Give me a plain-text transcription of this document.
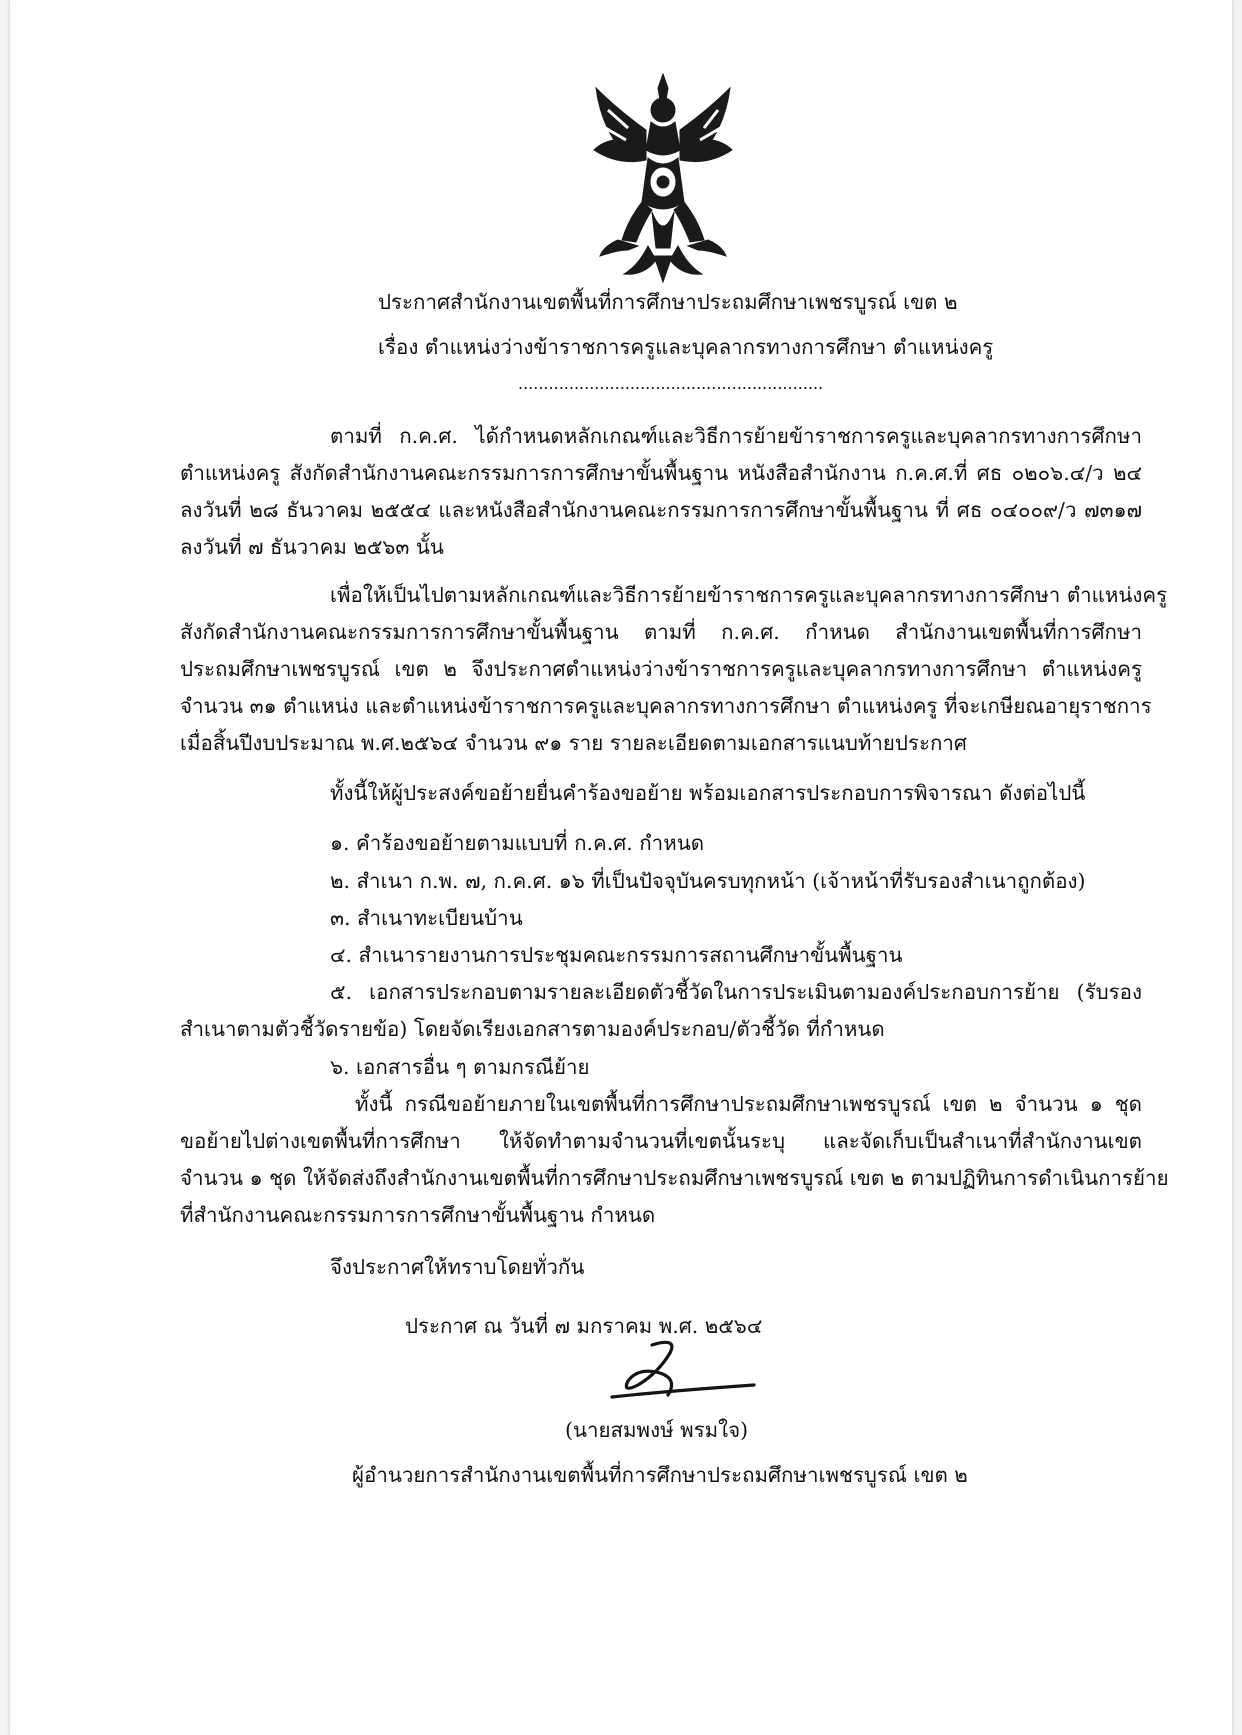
ประกาศสำนักงานเขตพื้นที่การศึกษาประถมศึกษาเพชรบูรณ์ เขต ๒
เรื่อง ตำแหน่งว่างข้าราชการครูและบุคลากรทางการศึกษา ตำแหน่งครู
............................................................
ตามที่ ก.ค.ศ. ได้กำหนดหลักเกณฑ์และวิธีการย้ายข้าราชการครูและบุคลากรทางการศึกษา
ตำแหน่งครู สังกัดสำนักงานคณะกรรมการการศึกษาขั้นพื้นฐาน หนังสือสำนักงาน ก.ค.ศ.ที่ ศธ ๐๒๐๖.๔/ว ๒๔
ลงวันที่ ๒๘ ธันวาคม ๒๕๕๔ และหนังสือสำนักงานคณะกรรมการการศึกษาขั้นพื้นฐาน ที่ ศธ ๐๔๐๐๙/ว ๗๓๑๗
ลงวันที่ ๗ ธันวาคม ๒๕๖๓ นั้น
เพื่อให้เป็นไปตามหลักเกณฑ์และวิธีการย้ายข้าราชการครูและบุคลากรทางการศึกษา ตำแหน่งครู
สังกัดสำนักงานคณะกรรมการการศึกษาขั้นพื้นฐาน ตามที่ ก.ค.ศ. กำหนด สำนักงานเขตพื้นที่การศึกษา
ประถมศึกษาเพชรบูรณ์ เขต ๒ จึงประกาศตำแหน่งว่างข้าราชการครูและบุคลากรทางการศึกษา ตำแหน่งครู
จำนวน ๓๑ ตำแหน่ง และตำแหน่งข้าราชการครูและบุคลากรทางการศึกษา ตำแหน่งครู ที่จะเกษียณอายุราชการ
เมื่อสิ้นปีงบประมาณ พ.ศ.๒๕๖๔ จำนวน ๙๑ ราย รายละเอียดตามเอกสารแนบท้ายประกาศ
ทั้งนี้ให้ผู้ประสงค์ขอย้ายยื่นคำร้องขอย้าย พร้อมเอกสารประกอบการพิจารณา ดังต่อไปนี้
๑. คำร้องขอย้ายตามแบบที่ ก.ค.ศ. กำหนด
๒. สำเนา ก.พ. ๗, ก.ค.ศ. ๑๖ ที่เป็นปัจจุบันครบทุกหน้า (เจ้าหน้าที่รับรองสำเนาถูกต้อง)
๓. สำเนาทะเบียนบ้าน
๔. สำเนารายงานการประชุมคณะกรรมการสถานศึกษาขั้นพื้นฐาน
๕. เอกสารประกอบตามรายละเอียดตัวชี้วัดในการประเมินตามองค์ประกอบการย้าย (รับรอง
สำเนาตามตัวชี้วัดรายข้อ) โดยจัดเรียงเอกสารตามองค์ประกอบ/ตัวชี้วัด ที่กำหนด
๖. เอกสารอื่น ๆ ตามกรณีย้าย
ทั้งนี้ กรณีขอย้ายภายในเขตพื้นที่การศึกษาประถมศึกษาเพชรบูรณ์ เขต ๒ จำนวน ๑ ชุด
ขอย้ายไปต่างเขตพื้นที่การศึกษา ให้จัดทำตามจำนวนที่เขตนั้นระบุ และจัดเก็บเป็นสำเนาที่สำนักงานเขต
จำนวน ๑ ชุด ให้จัดส่งถึงสำนักงานเขตพื้นที่การศึกษาประถมศึกษาเพชรบูรณ์ เขต ๒ ตามปฏิทินการดำเนินการย้าย
ที่สำนักงานคณะกรรมการการศึกษาขั้นพื้นฐาน กำหนด
จึงประกาศให้ทราบโดยทั่วกัน
ประกาศ ณ วันที่ ๗ มกราคม พ.ศ. ๒๕๖๔
(นายสมพงษ์ พรมใจ)
ผู้อำนวยการสำนักงานเขตพื้นที่การศึกษาประถมศึกษาเพชรบูรณ์ เขต ๒
